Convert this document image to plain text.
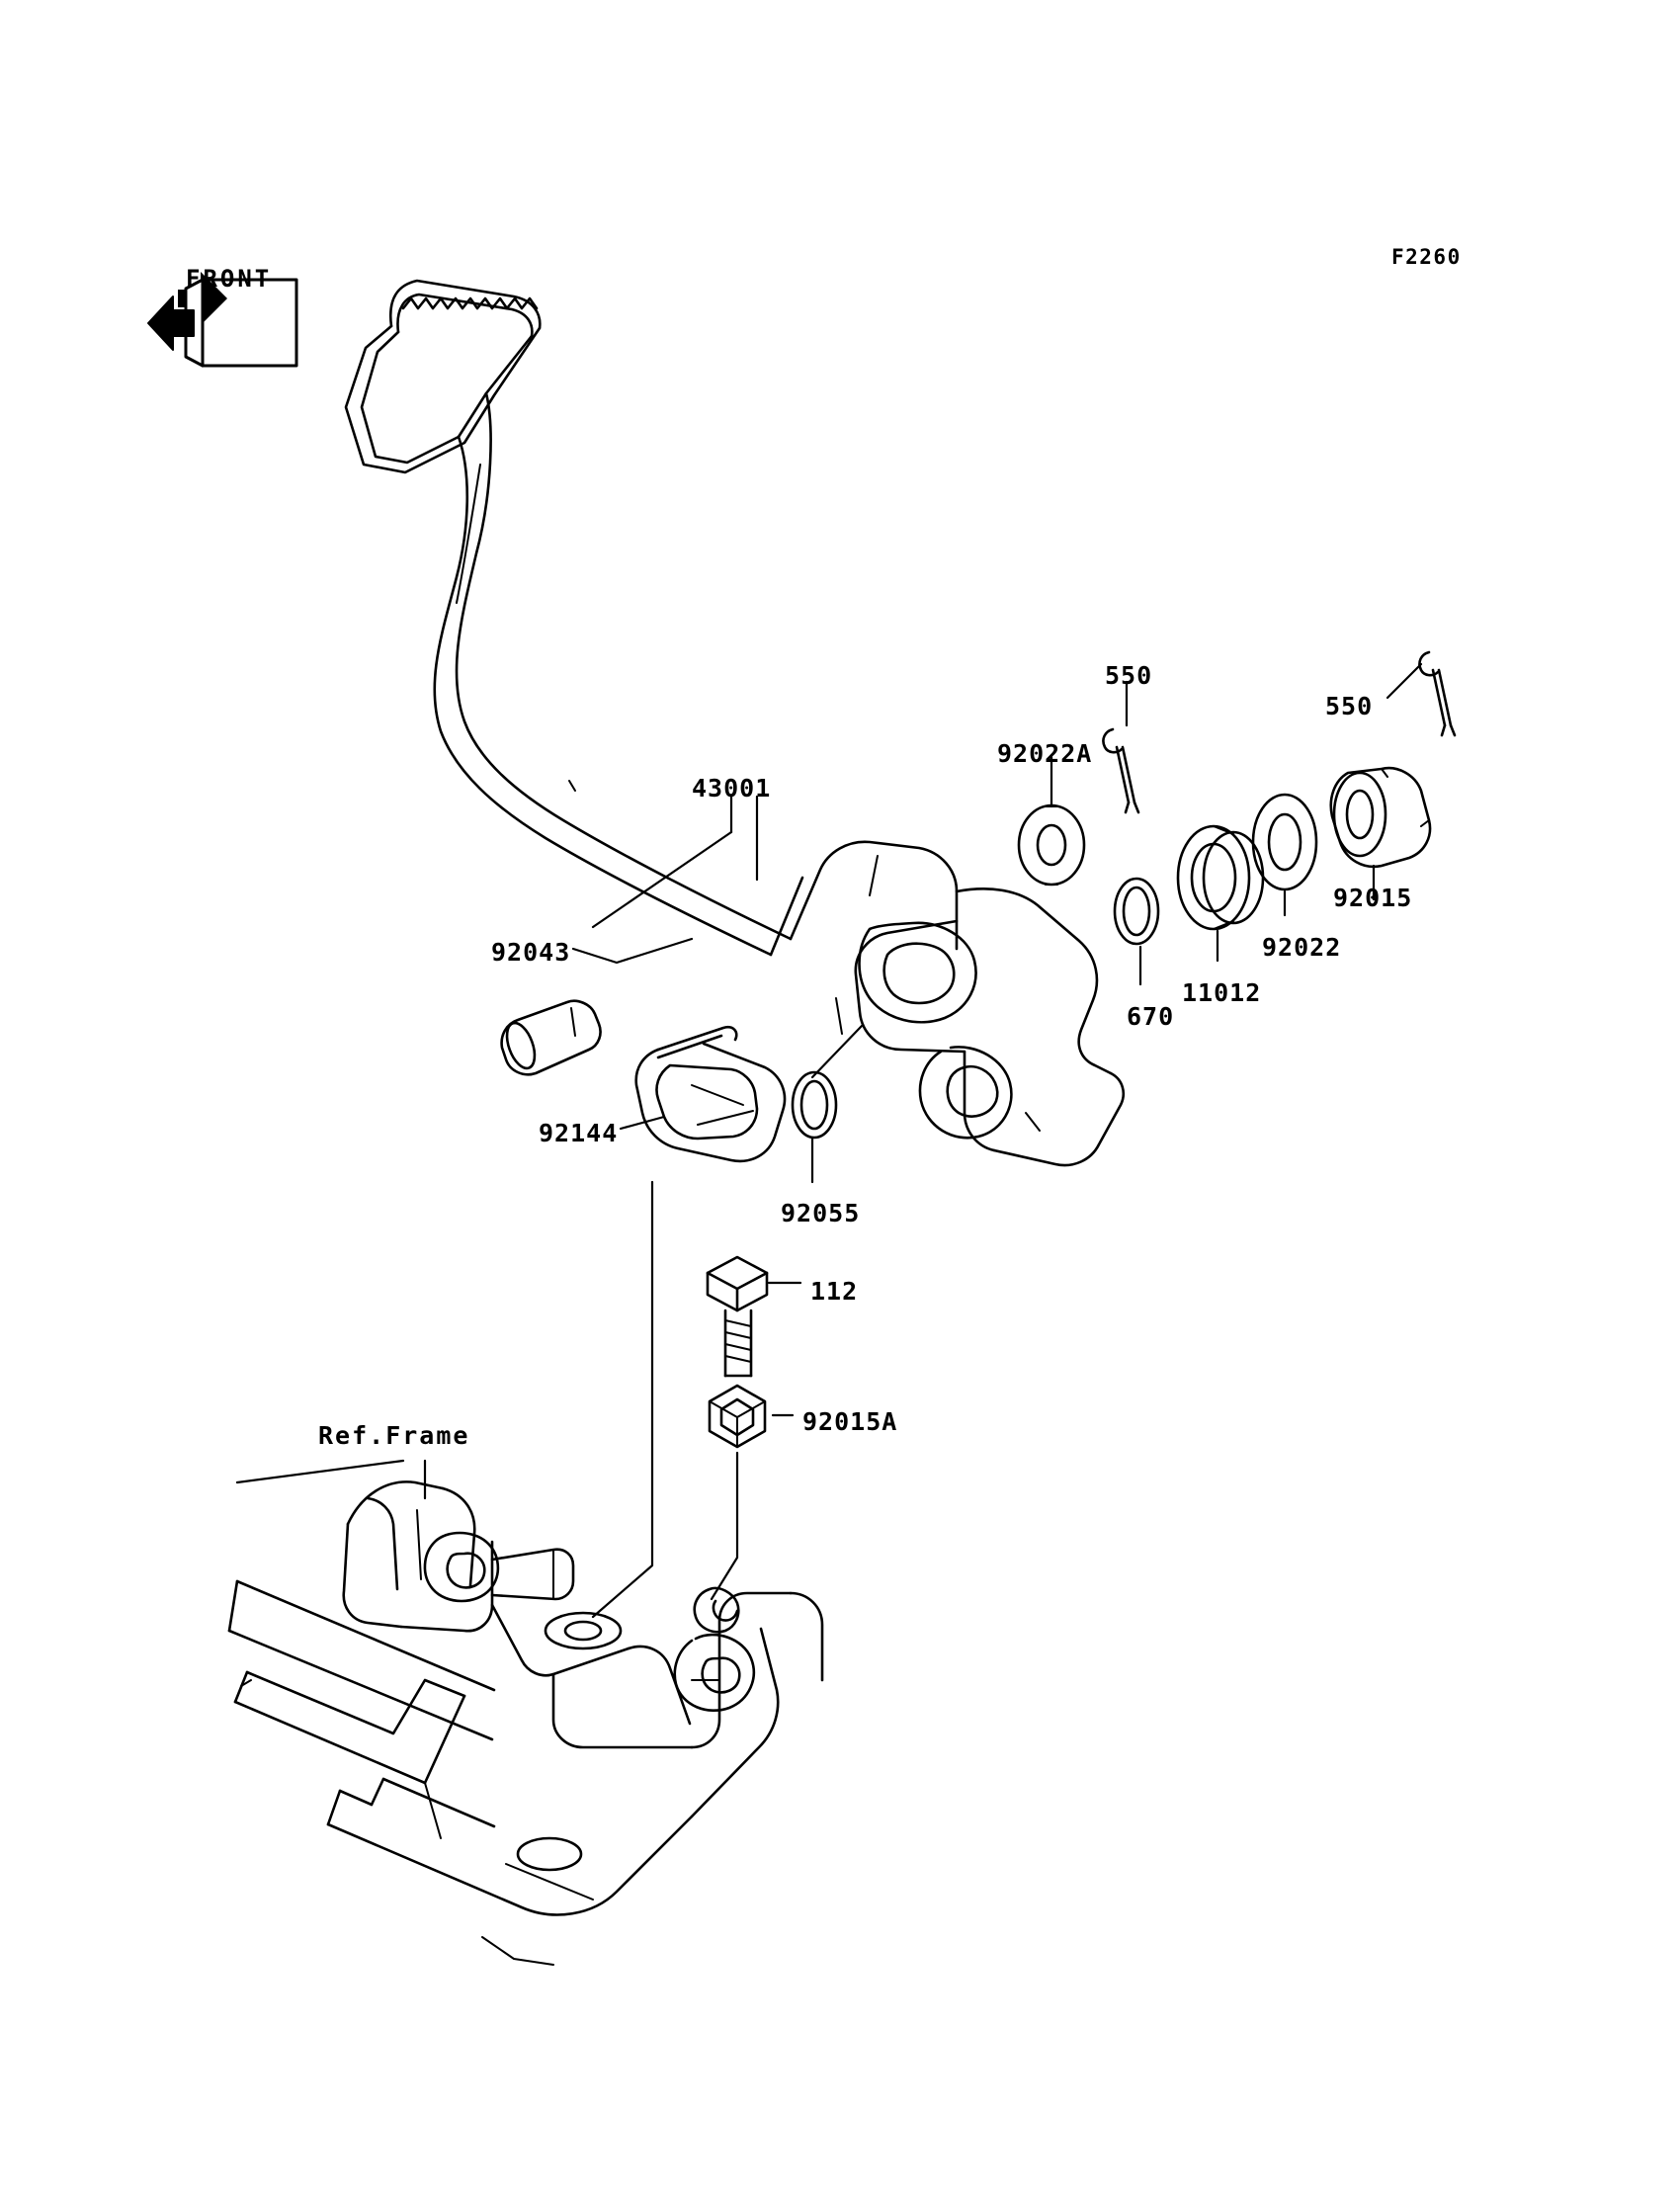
F2260
Ref.Frame
43001
92043
92144
92055
92022A
550
550
92015
92022
11012
670
112
92015A
FRONT
